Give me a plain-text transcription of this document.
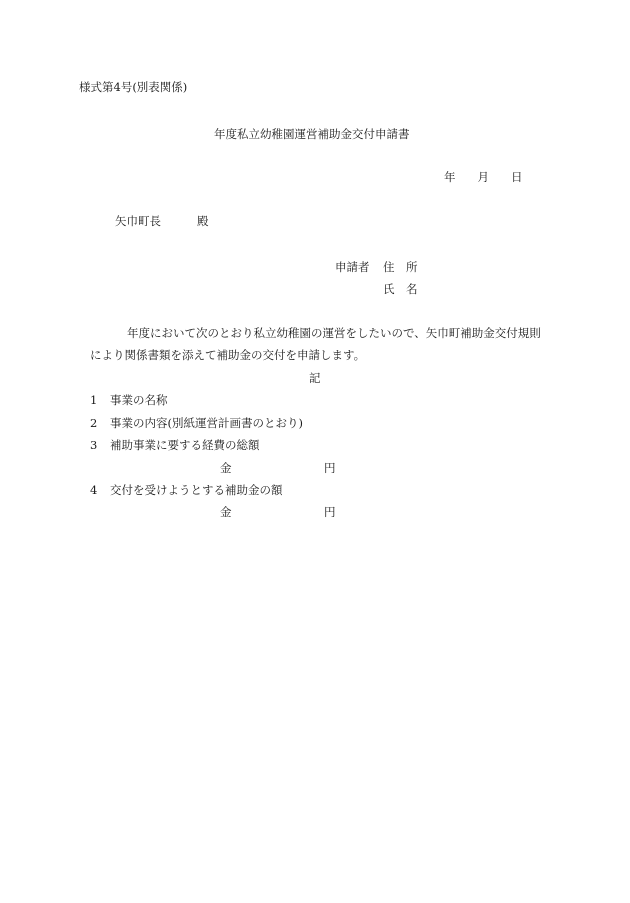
様式第4号(別表関係)
年度私立幼稚園運営補助金交付申請書
年 月 日
矢巾町長	殿
申請者 住　所
氏　名
年度において次のとおり私立幼稚園の運営をしたいので、矢巾町補助金交付規則
により関係書類を添えて補助金の交付を申請します。
記
1 事業の名称
2 事業の内容(別紙運営計画書のとおり)
3 補助事業に要する経費の総額
金	円
4 交付を受けようとする補助金の額
金	円
